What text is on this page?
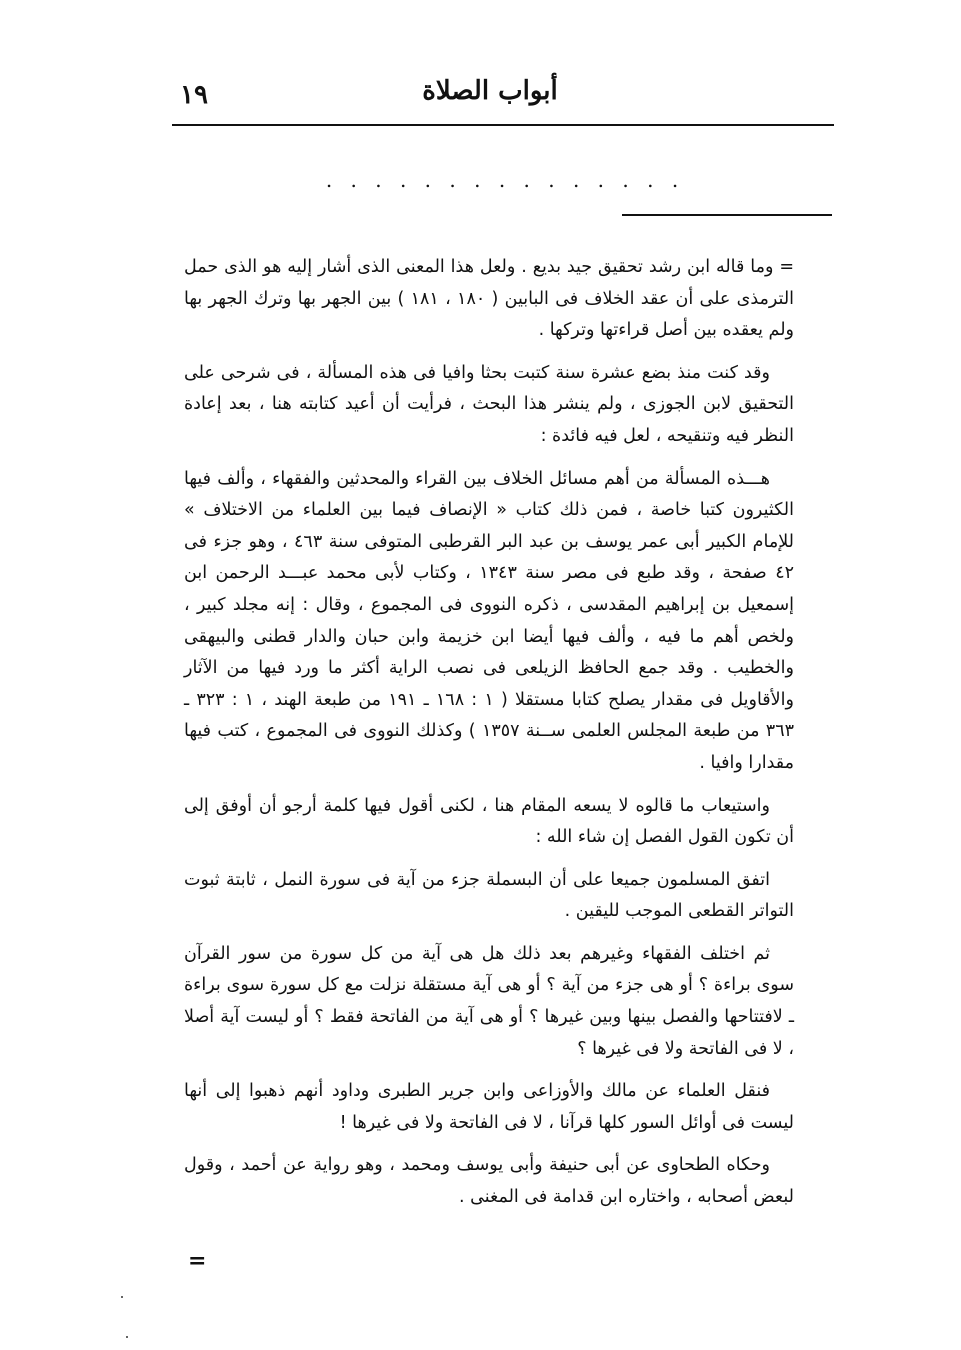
١٩	أبواب الصلاة
. . . . . . . . . . . . . . .

= وما قاله ابن رشد تحقيق جيد بديع . ولعل هذا المعنى الذى أشار إليه هو الذى حمل الترمذى على أن عقد الخلاف فى البابين ( ١٨٠ ، ١٨١ ) بين الجهر بها وترك الجهر بها ولم يعقده بين أصل قراءتها وتركها .

وقد كنت منذ بضع عشرة سنة كتبت بحثا وافيا فى هذه المسألة ، فى شرحى على التحقيق لابن الجوزى ، ولم ينشر هذا البحث ، فرأيت أن أعيد كتابته هنا ، بعد إعادة النظر فيه وتنقيحه ، لعل فيه فائدة :

هـــذه المسألة من أهم مسائل الخلاف بين القراء والمحدثين والفقهاء ، وألف فيها الكثيرون كتبا خاصة ، فمن ذلك كتاب « الإنصاف فيما بين العلماء من الاختلاف » للإمام الكبير أبى عمر يوسف بن عبد البر القرطبى المتوفى سنة ٤٦٣ ، وهو جزء فى ٤٢ صفحة ، وقد طبع فى مصر سنة ١٣٤٣ ، وكتاب لأبى محمد عبـــد الرحمن ابن إسمعيل بن إبراهيم المقدسى ، ذكره النووى فى المجموع ، وقال : إنه مجلد كبير ، ولخص أهم ما فيه ، وألف فيها أيضا ابن خزيمة وابن حبان والدار قطنى والبيهقى والخطيب . وقد جمع الحافظ الزيلعى فى نصب الراية أكثر ما ورد فيها من الآثار والأقاويل فى مقدار يصلح كتابا مستقلا ( ١ : ١٦٨ ـ ١٩١ من طبعة الهند ، ١ : ٣٢٣ ـ ٣٦٣ من طبعة المجلس العلمى ســنة ١٣٥٧ ) وكذلك النووى فى المجموع ، كتب فيها مقدارا وافيا .

واستيعاب ما قالوه لا يسعه المقام هنا ، لكنى أقول فيها كلمة أرجو أن أوفق إلى أن تكون القول الفصل إن شاء الله :

اتفق المسلمون جميعا على أن البسملة جزء من آية فى سورة النمل ، ثابتة ثبوت التواتر القطعى الموجب لليقين .

ثم اختلف الفقهاء وغيرهم بعد ذلك هل هى آية من كل سورة من سور القرآن سوى براءة ؟ أو هى جزء من آية ؟ أو هى آية مستقلة نزلت مع كل سورة سوى براءة ـ لافتتاحها والفصل بينها وبين غيرها ؟ أو هى آية من الفاتحة فقط ؟ أو ليست آية أصلا ، لا فى الفاتحة ولا فى غيرها ؟

فنقل العلماء عن مالك والأوزاعى وابن جرير الطبرى وداود أنهم ذهبوا إلى أنها ليست فى أوائل السور كلها قرآنا ، لا فى الفاتحة ولا فى غيرها !

وحكاه الطحاوى عن أبى حنيفة وأبى يوسف ومحمد ، وهو رواية عن أحمد ، وقول لبعض أصحابه ، واختاره ابن قدامة فى المغنى .

=
